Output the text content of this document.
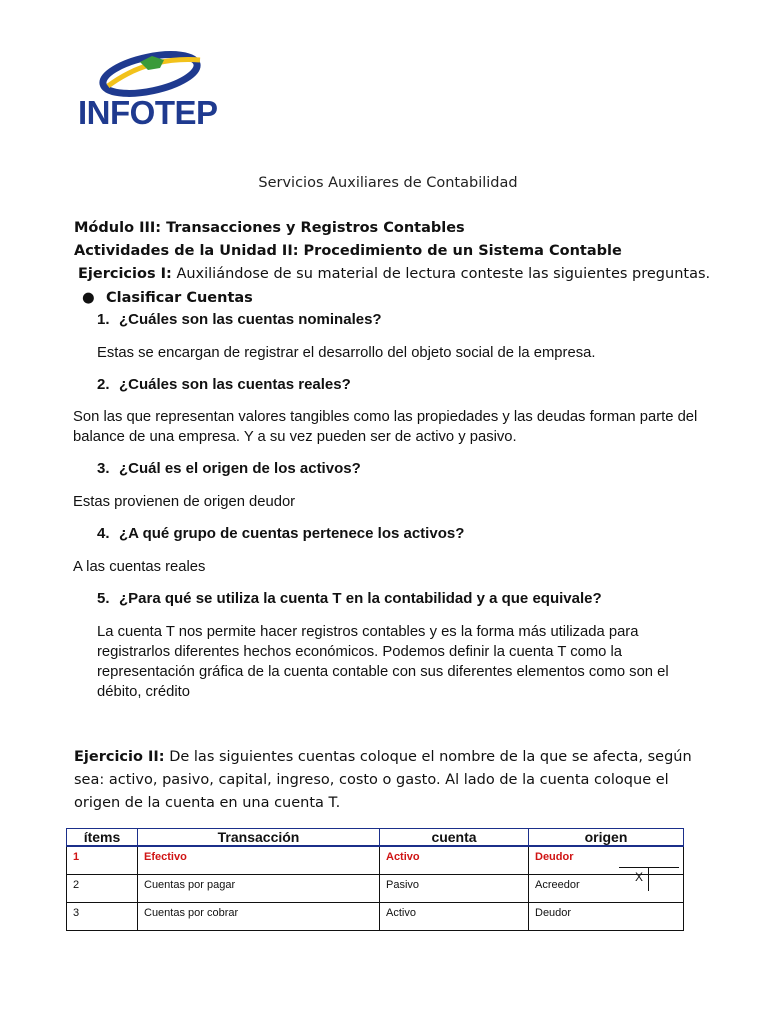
INFOTEP
Servicios Auxiliares de Contabilidad
Módulo III: Transacciones y Registros Contables
Actividades de la Unidad II: Procedimiento de un Sistema Contable
Ejercicios I: Auxiliándose de su material de lectura conteste las siguientes preguntas.
● Clasificar Cuentas
1. ¿Cuáles son las cuentas nominales?
Estas se encargan de registrar el desarrollo del objeto social de la empresa.
2. ¿Cuáles son las cuentas reales?
Son las que representan valores tangibles como las propiedades y las deudas forman parte del balance de una empresa. Y a su vez pueden ser de activo y pasivo.
3. ¿Cuál es el origen de los activos?
Estas provienen de origen deudor
4. ¿A qué grupo de cuentas pertenece los activos?
A las cuentas reales
5. ¿Para qué se utiliza la cuenta T en la contabilidad y a que equivale?
La cuenta T nos permite hacer registros contables y es la forma más utilizada para registrarlos diferentes hechos económicos. Podemos definir la cuenta T como la representación gráfica de la cuenta contable con sus diferentes elementos como son el débito, crédito
Ejercicio II: De las siguientes cuentas coloque el nombre de la que se afecta, según sea: activo, pasivo, capital, ingreso, costo o gasto. Al lado de la cuenta coloque el origen de la cuenta en una cuenta T.
ítems	Transacción	cuenta	origen
1	Efectivo	Activo	Deudor
X

2	Cuentas por pagar	Pasivo	Acreedor
3	Cuentas por cobrar	Activo	Deudor
